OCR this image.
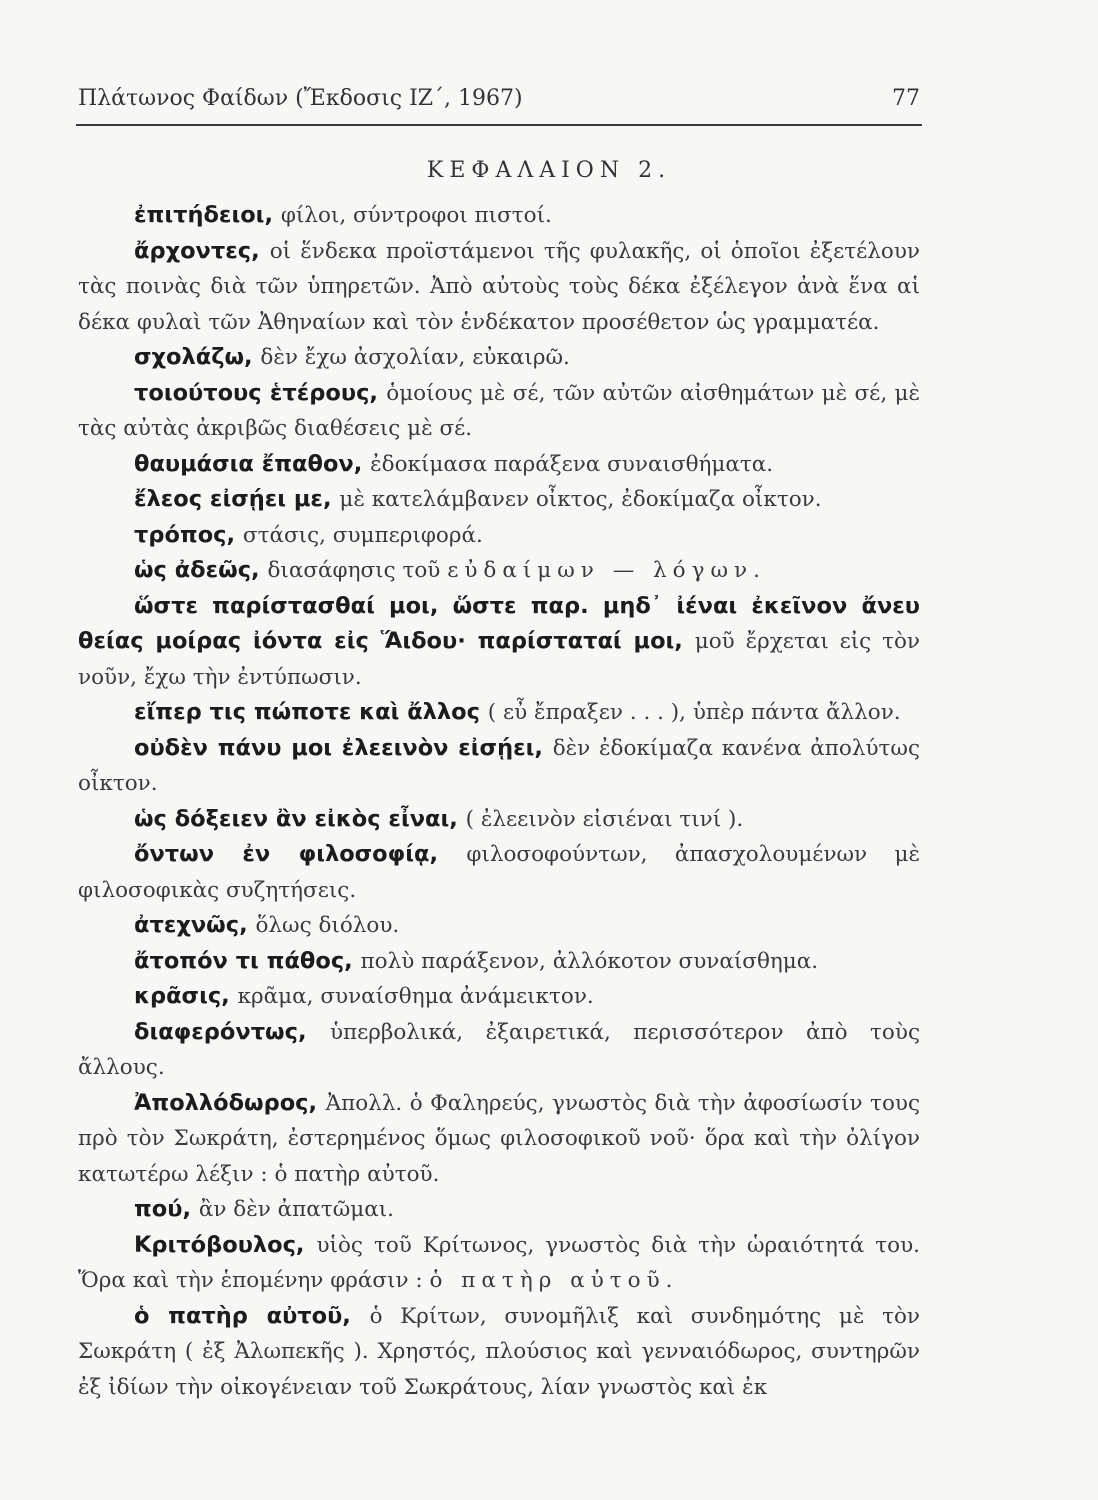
Πλάτωνος Φαίδων (Ἔκδοσις ΙΖ΄, 1967)	77
ΚΕΦΑΛΑΙΟΝ 2.

ἐπιτήδειοι, φίλοι, σύντροφοι πιστοί.

ἄρχοντες, οἱ ἕνδεκα προϊστάμενοι τῆς φυλακῆς, οἱ ὁποῖοι ἐξετέλουν τὰς ποινὰς διὰ τῶν ὑπηρετῶν. Ἀπὸ αὐτοὺς τοὺς δέκα ἐξέλεγον ἀνὰ ἕνα αἱ δέκα φυλαὶ τῶν Ἀθηναίων καὶ τὸν ἑνδέκατον προσέθετον ὡς γραμματέα.

σχολάζω, δὲν ἔχω ἀσχολίαν, εὐκαιρῶ.

τοιούτους ἑτέρους, ὁμοίους μὲ σέ, τῶν αὐτῶν αἰσθημάτων μὲ σέ, μὲ τὰς αὐτὰς ἀκριβῶς διαθέσεις μὲ σέ.

θαυμάσια ἔπαθον, ἐδοκίμασα παράξενα συναισθήματα.

ἔλεος εἰσῄει με, μὲ κατελάμβανεν οἶκτος, ἐδοκίμαζα οἶκτον.

τρόπος, στάσις, συμπεριφορά.

ὡς ἀδεῶς, διασάφησις τοῦ εὐδαίμων — λόγων.

ὥστε παρίστασθαί μοι, ὥστε παρ. μηδ᾽ ἰέναι ἐκεῖνον ἄνευ θείας μοίρας ἰόντα εἰς Ἅιδου· παρίσταταί μοι, μοῦ ἔρχεται εἰς τὸν νοῦν, ἔχω τὴν ἐντύπωσιν.

εἴπερ τις πώποτε καὶ ἄλλος ( εὖ ἔπραξεν . . . ), ὑπὲρ πάντα ἄλλον.

οὐδὲν πάνυ μοι ἐλεεινὸν εἰσῄει, δὲν ἐδοκίμαζα κανένα ἀπολύτως οἶκτον.

ὡς δόξειεν ἂν εἰκὸς εἶναι, ( ἐλεεινὸν εἰσιέναι τινί ).

ὄντων ἐν φιλοσοφίᾳ, φιλοσοφούντων, ἀπασχολουμένων μὲ φιλοσοφικὰς συζητήσεις.

ἀτεχνῶς, ὅλως διόλου.

ἄτοπόν τι πάθος, πολὺ παράξενον, ἀλλόκοτον συναίσθημα.

κρᾶσις, κρᾶμα, συναίσθημα ἀνάμεικτον.

διαφερόντως, ὑπερβολικά, ἐξαιρετικά, περισσότερον ἀπὸ τοὺς ἄλλους.

Ἀπολλόδωρος, Ἀπολλ. ὁ Φαληρεύς, γνωστὸς διὰ τὴν ἀφοσίωσίν τους πρὸ τὸν Σωκράτη, ἐστερημένος ὅμως φιλοσοφικοῦ νοῦ· ὅρα καὶ τὴν ὀλίγον κατωτέρω λέξιν : ὁ πατὴρ αὐτοῦ.

πού, ἂν δὲν ἀπατῶμαι.

Κριτόβουλος, υἱὸς τοῦ Κρίτωνος, γνωστὸς διὰ τὴν ὡραιότητά του. Ὅρα καὶ τὴν ἑπομένην φράσιν : ὁ πατὴρ αὐτοῦ.

ὁ πατὴρ αὐτοῦ, ὁ Κρίτων, συνομῆλιξ καὶ συνδημότης μὲ τὸν Σωκράτη ( ἐξ Ἀλωπεκῆς ). Χρηστός, πλούσιος καὶ γενναιόδωρος, συντηρῶν ἐξ ἰδίων τὴν οἰκογένειαν τοῦ Σωκράτους, λίαν γνωστὸς καὶ ἐκ
